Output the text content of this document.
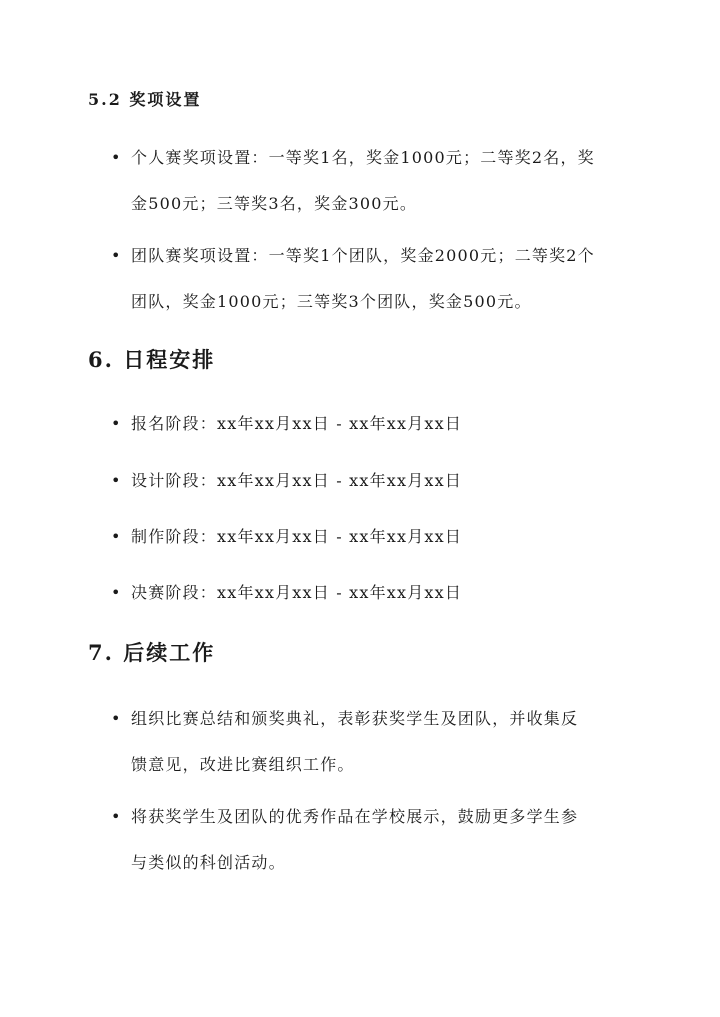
5.2 奖项设置

• 个人赛奖项设置：一等奖1名，奖金1000元；二等奖2名，奖
金500元；三等奖3名，奖金300元。

• 团队赛奖项设置：一等奖1个团队，奖金2000元；二等奖2个
团队，奖金1000元；三等奖3个团队，奖金500元。

6. 日程安排

• 报名阶段：xx年xx月xx日 - xx年xx月xx日

• 设计阶段：xx年xx月xx日 - xx年xx月xx日

• 制作阶段：xx年xx月xx日 - xx年xx月xx日

• 决赛阶段：xx年xx月xx日 - xx年xx月xx日

7. 后续工作

• 组织比赛总结和颁奖典礼，表彰获奖学生及团队，并收集反
馈意见，改进比赛组织工作。

• 将获奖学生及团队的优秀作品在学校展示，鼓励更多学生参
与类似的科创活动。
